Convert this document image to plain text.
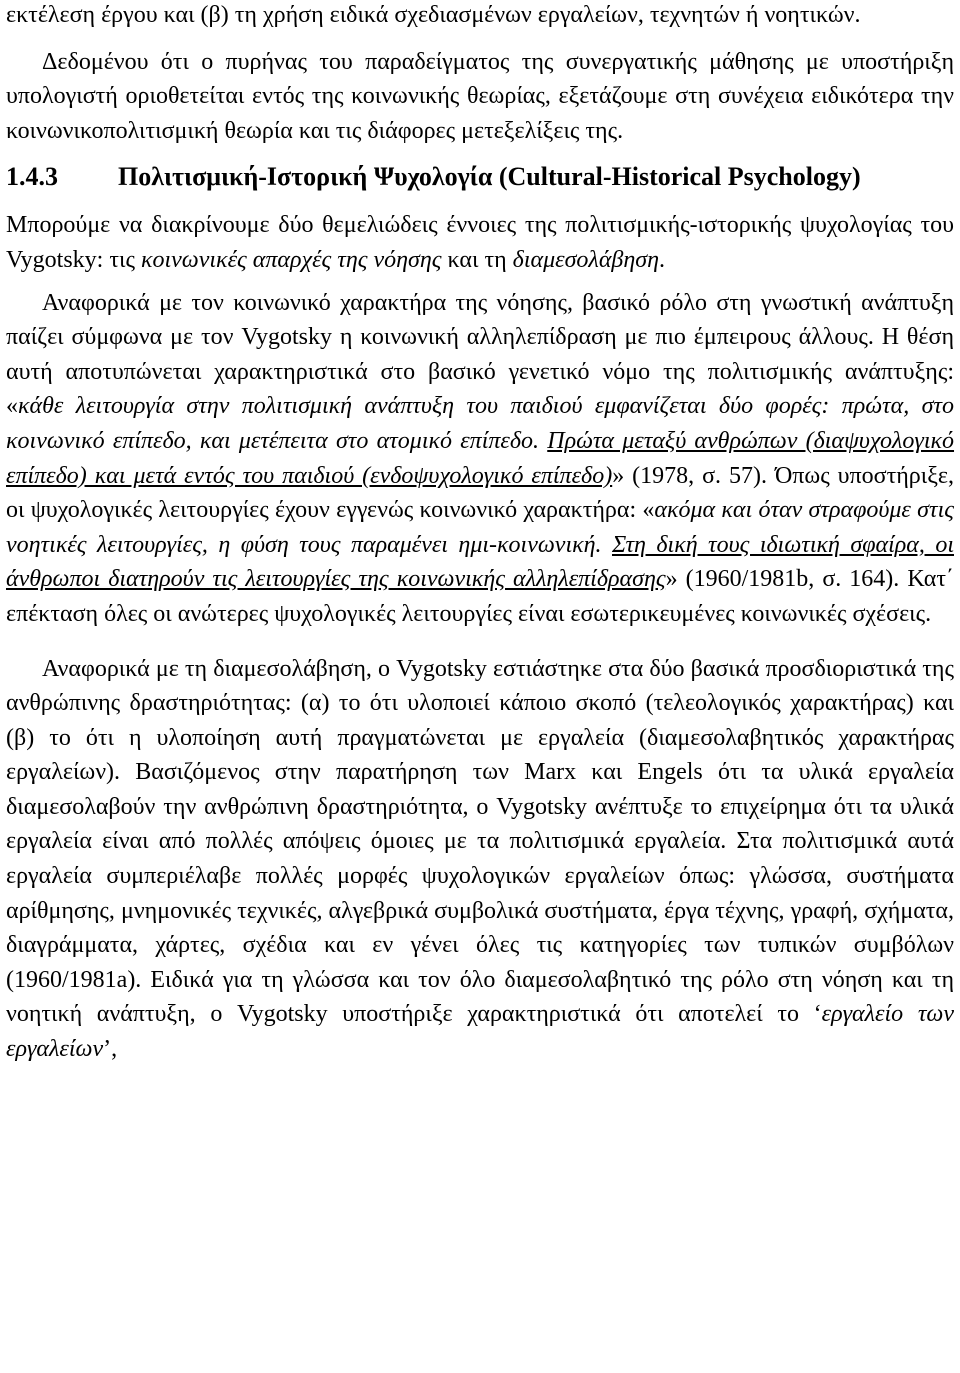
εκτέλεση έργου και (β) τη χρήση ειδικά σχεδιασμένων εργαλείων, τεχνητών ή νοητικών.

Δεδομένου ότι ο πυρήνας του παραδείγματος της συνεργατικής μάθησης με υποστήριξη υπολογιστή οριοθετείται εντός της κοινωνικής θεωρίας, εξετάζουμε στη συνέχεια ειδικότερα την κοινωνικοπολιτισμική θεωρία και τις διάφορες μετεξελίξεις της.

1.4.3	Πολιτισμική-Ιστορική Ψυχολογία (Cultural-Historical Psychology)

Μπορούμε να διακρίνουμε δύο θεμελιώδεις έννοιες της πολιτισμικής-ιστορικής ψυχολογίας του Vygotsky: τις κοινωνικές απαρχές της νόησης και τη διαμεσολάβηση.

Αναφορικά με τον κοινωνικό χαρακτήρα της νόησης, βασικό ρόλο στη γνωστική ανάπτυξη παίζει σύμφωνα με τον Vygotsky η κοινωνική αλληλεπίδραση με πιο έμπειρους άλλους. Η θέση αυτή αποτυπώνεται χαρακτηριστικά στο βασικό γενετικό νόμο της πολιτισμικής ανάπτυξης: «κάθε λειτουργία στην πολιτισμική ανάπτυξη του παιδιού εμφανίζεται δύο φορές: πρώτα, στο κοινωνικό επίπεδο, και μετέπειτα στο ατομικό επίπεδο. Πρώτα μεταξύ ανθρώπων (διαψυχολογικό επίπεδο) και μετά εντός του παιδιού (ενδοψυχολογικό επίπεδο)» (1978, σ. 57). Όπως υποστήριξε, οι ψυχολογικές λειτουργίες έχουν εγγενώς κοινωνικό χαρακτήρα: «ακόμα και όταν στραφούμε στις νοητικές λειτουργίες, η φύση τους παραμένει ημι-κοινωνική. Στη δική τους ιδιωτική σφαίρα, οι άνθρωποι διατηρούν τις λειτουργίες της κοινωνικής αλληλεπίδρασης» (1960/1981b, σ. 164). Κατ΄ επέκταση όλες οι ανώτερες ψυχολογικές λειτουργίες είναι εσωτερικευμένες κοινωνικές σχέσεις.

Αναφορικά με τη διαμεσολάβηση, ο Vygotsky εστιάστηκε στα δύο βασικά προσδιοριστικά της ανθρώπινης δραστηριότητας: (α) το ότι υλοποιεί κάποιο σκοπό (τελεολογικός χαρακτήρας) και (β) το ότι η υλοποίηση αυτή πραγματώνεται με εργαλεία (διαμεσολαβητικός χαρακτήρας εργαλείων). Βασιζόμενος στην παρατήρηση των Marx και Engels ότι τα υλικά εργαλεία διαμεσολαβούν την ανθρώπινη δραστηριότητα, ο Vygotsky ανέπτυξε το επιχείρημα ότι τα υλικά εργαλεία είναι από πολλές απόψεις όμοιες με τα πολιτισμικά εργαλεία. Στα πολιτισμικά αυτά εργαλεία συμπεριέλαβε πολλές μορφές ψυχολογικών εργαλείων όπως: γλώσσα, συστήματα αρίθμησης, μνημονικές τεχνικές, αλγεβρικά συμβολικά συστήματα, έργα τέχνης, γραφή, σχήματα, διαγράμματα, χάρτες, σχέδια και εν γένει όλες τις κατηγορίες των τυπικών συμβόλων (1960/1981a). Ειδικά για τη γλώσσα και τον όλο διαμεσολαβητικό της ρόλο στη νόηση και τη νοητική ανάπτυξη, ο Vygotsky υποστήριξε χαρακτηριστικά ότι αποτελεί το ‘εργαλείο των εργαλείων’,
